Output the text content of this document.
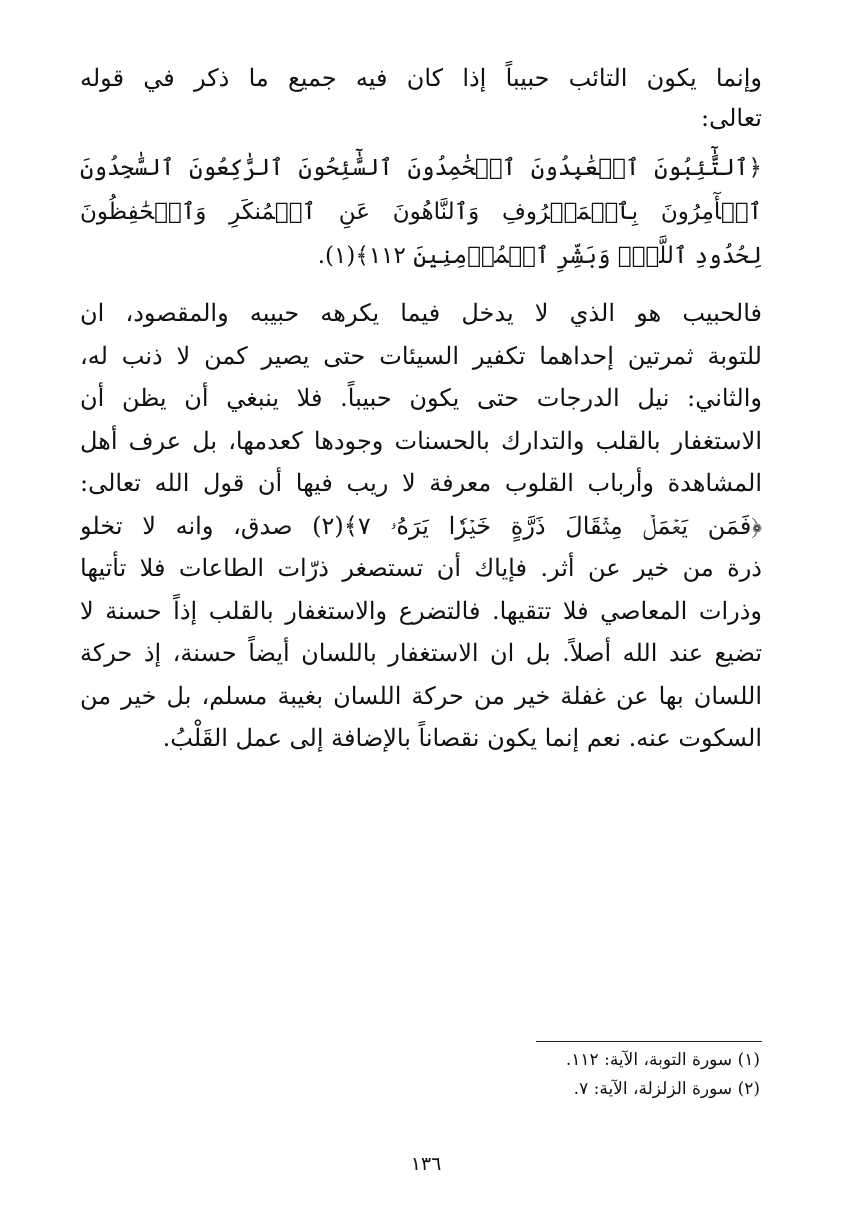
وإنما يكون التائب حبيباً إذا كان فيه جميع ما ذكر في قوله
تعالى:
﴿ٱلتَّٰٓئِبُونَ ٱلۡعَٰبِدُونَ ٱلۡحَٰمِدُونَ ٱلسَّٰٓئِحُونَ ٱلرَّٰكِعُونَ ٱلسَّٰجِدُونَ
ٱلۡأٓمِرُونَ بِٱلۡمَعۡرُوفِ وَٱلنَّاهُونَ عَنِ ٱلۡمُنكَرِ وَٱلۡحَٰفِظُونَ
لِحُدُودِ ٱللَّهِۗ وَبَشِّرِ ٱلۡمُؤۡمِنِينَ ١١٢﴾(١).
فالحبيب هو الذي لا يدخل فيما يكرهه حبيبه والمقصود، ان
للتوبة ثمرتين إحداهما تكفير السيئات حتى يصير كمن لا ذنب له،
والثاني: نيل الدرجات حتى يكون حبيباً. فلا ينبغي أن يظن أن
الاستغفار بالقلب والتدارك بالحسنات وجودها كعدمها، بل عرف أهل
المشاهدة وأرباب القلوب معرفة لا ريب فيها أن قول الله تعالى:
﴿فَمَن يَعۡمَلۡ مِثۡقَالَ ذَرَّةٍ خَيۡرٗا يَرَهُۥ ٧﴾(٢) صدق، وانه لا تخلو
ذرة من خير عن أثر. فإياك أن تستصغر ذرّات الطاعات فلا تأتيها
وذرات المعاصي فلا تتقيها. فالتضرع والاستغفار بالقلب إذاً حسنة لا
تضيع عند الله أصلاً. بل ان الاستغفار باللسان أيضاً حسنة، إذ حركة
اللسان بها عن غفلة خير من حركة اللسان بغيبة مسلم، بل خير من
السكوت عنه. نعم إنما يكون نقصاناً بالإضافة إلى عمل القَلْبُ.
(١) سورة التوبة، الآية: ١١٢.
(٢) سورة الزلزلة، الآية: ٧.
١٣٦
